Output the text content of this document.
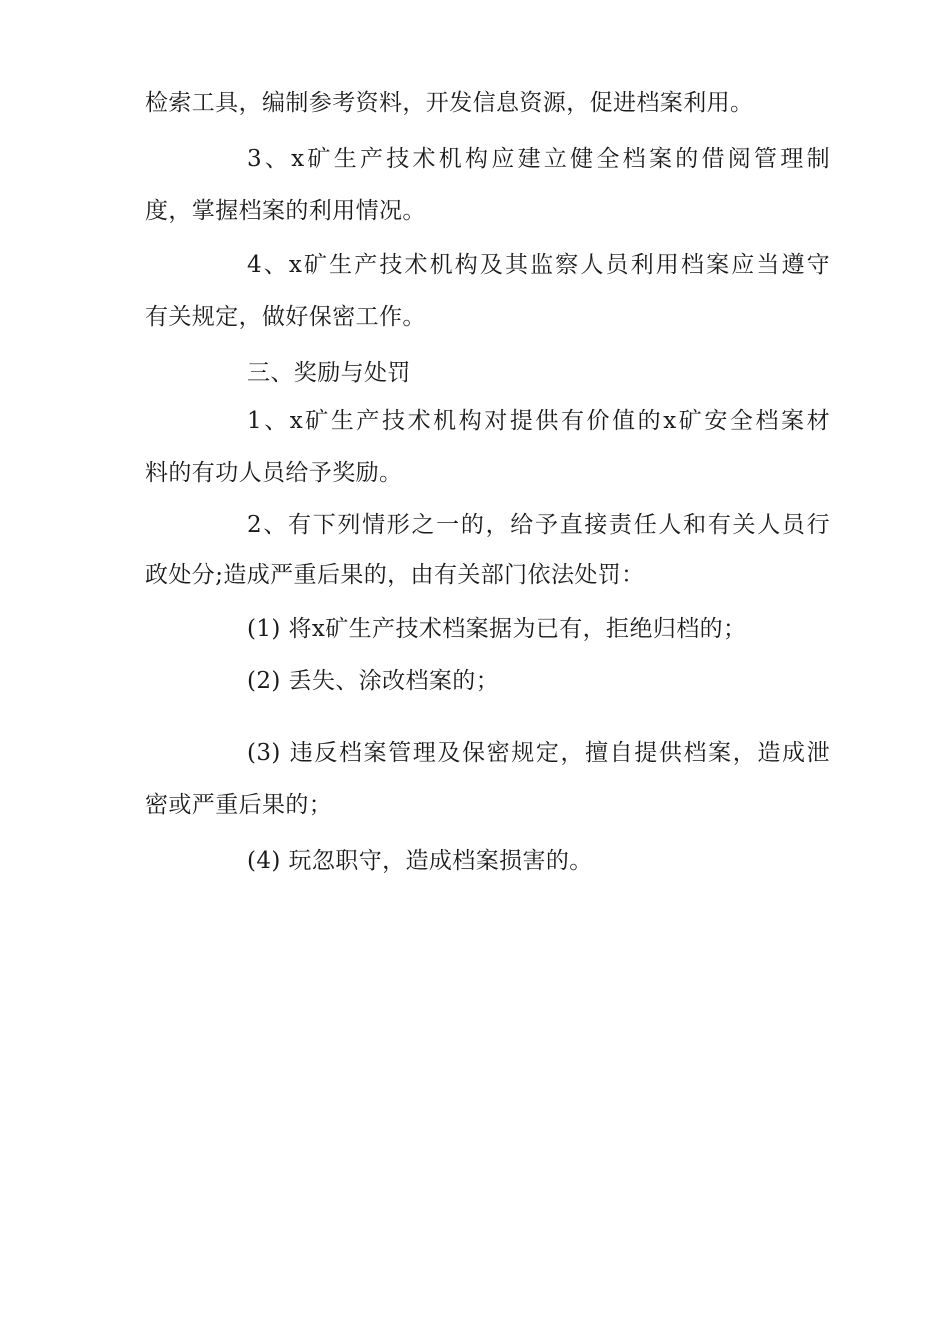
检索工具，编制参考资料，开发信息资源，促进档案利用。
3、x矿生产技术机构应建立健全档案的借阅管理制
度，掌握档案的利用情况。
4、x矿生产技术机构及其监察人员利用档案应当遵守
有关规定，做好保密工作。
三、奖励与处罚
1、x矿生产技术机构对提供有价值的x矿安全档案材
料的有功人员给予奖励。
2、有下列情形之一的，给予直接责任人和有关人员行
政处分;造成严重后果的，由有关部门依法处罚：
(1) 将x矿生产技术档案据为已有，拒绝归档的；
(2) 丢失、涂改档案的；
(3) 违反档案管理及保密规定，擅自提供档案，造成泄
密或严重后果的；
(4) 玩忽职守，造成档案损害的。
